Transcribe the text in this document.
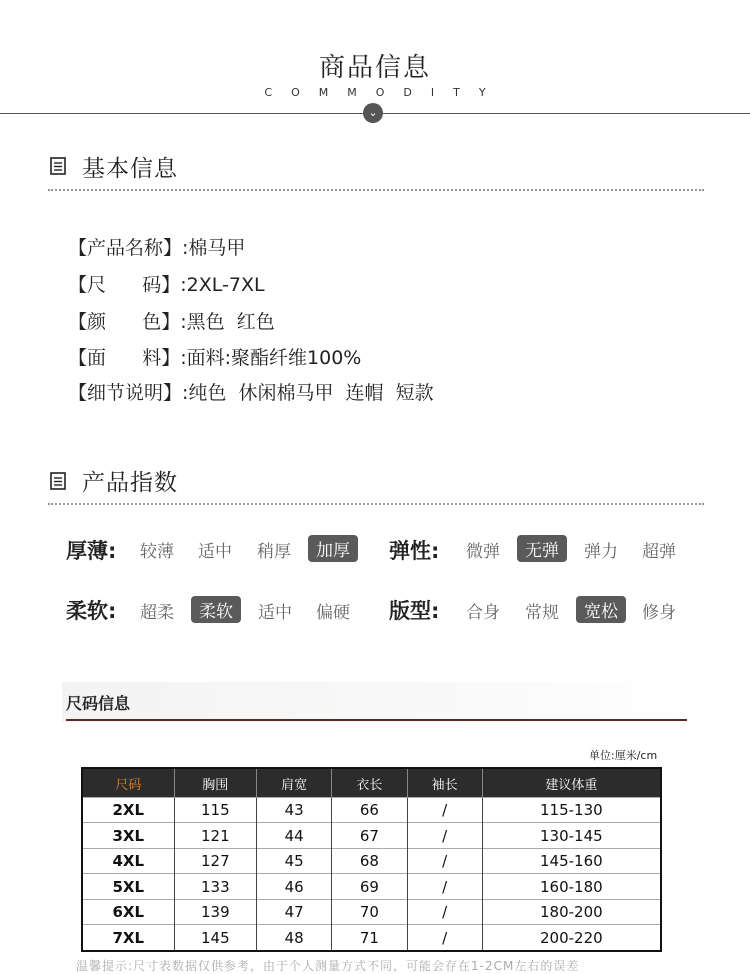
商品信息
COMMODITY
⌄
基本信息
【产品名称】:棉马甲
【尺      码】:2XL-7XL
【颜      色】:黑色  红色
【面      料】:面料:聚酯纤维100%
【细节说明】:纯色  休闲棉马甲  连帽  短款
产品指数
厚薄:	较薄	适中	稍厚	加厚	弹性:	微弹	无弹	弹力	超弹
柔软:	超柔	柔软	适中	偏硬	版型:	合身	常规	宽松	修身
尺码信息
单位:厘米/cm
尺码	胸围	肩宽	衣长	袖长	建议体重
2XL	115	43	66	/	115-130
3XL	121	44	67	/	130-145
4XL	127	45	68	/	145-160
5XL	133	46	69	/	160-180
6XL	139	47	70	/	180-200
7XL	145	48	71	/	200-220
温馨提示:尺寸表数据仅供参考，由于个人测量方式不同，可能会存在1-2CM左右的误差
